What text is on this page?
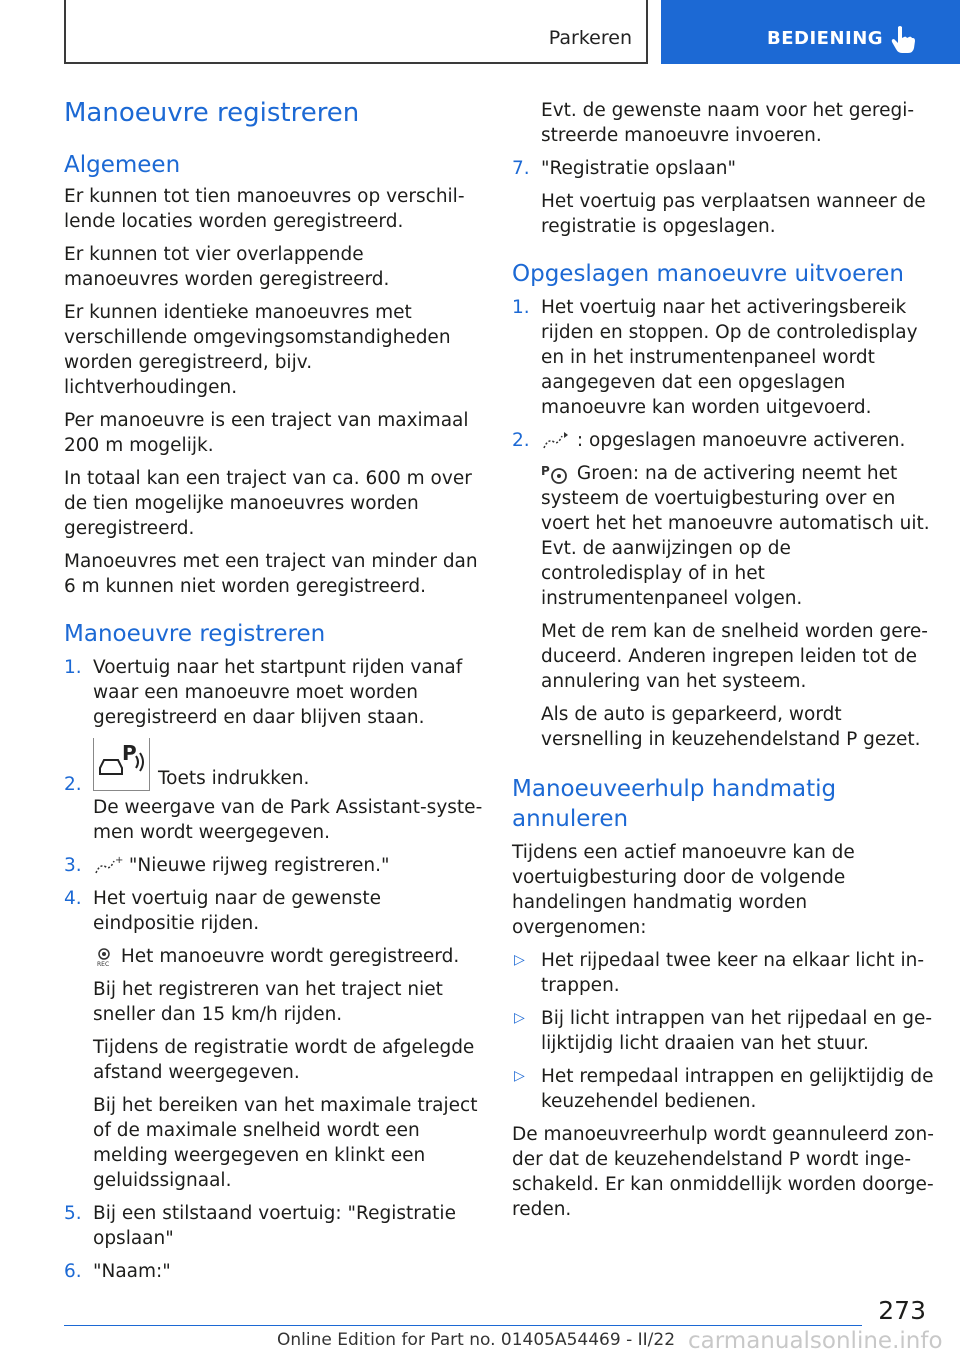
Parkeren	BEDIENING
Manoeuvre registreren
Algemeen

Er kunnen tot tien manoeuvres op verschillende locaties worden geregistreerd.

Er kunnen tot vier overlappende manoeuvres worden geregistreerd.

Er kunnen identieke manoeuvres met verschillende omgevingsomstandigheden worden geregistreerd, bijv. lichtverhoudingen.

Per manoeuvre is een traject van maximaal 200 m mogelijk.

In totaal kan een traject van ca. 600 m over de tien mogelijke manoeuvres worden geregistreerd.

Manoeuvres met een traject van minder dan 6 m kunnen niet worden geregistreerd.

Manoeuvre registreren
1. Voertuig naar het startpunt rijden vanaf waar een manoeuvre moet worden geregistreerd en daar blijven staan.

2.

P
Toets indrukken.

De weergave van de Park Assistant-systemen wordt weergegeven.

3.	+ "Nieuwe rijweg registreren."

4. Het voertuig naar de gewenste eindpositie rijden.

REC Het manoeuvre wordt geregistreerd.

Bij het registreren van het traject niet sneller dan 15 km/h rijden.

Tijdens de registratie wordt de afgelegde afstand weergegeven.

Bij het bereiken van het maximale traject of de maximale snelheid wordt een melding weergegeven en klinkt een geluidssignaal.

5. Bij een stilstaand voertuig: "Registratie opslaan"

6. "Naam:"

Evt. de gewenste naam voor het geregistreerde manoeuvre invoeren.

7. "Registratie opslaan"

Het voertuig pas verplaatsen wanneer de registratie is opgeslagen.

Opgeslagen manoeuvre uitvoeren
1. Het voertuig naar het activeringsbereik rijden en stoppen. Op de controledisplay en in het instrumentenpaneel wordt aangegeven dat een opgeslagen manoeuvre kan worden uitgevoerd.

2.	: opgeslagen manoeuvre activeren.

P Groen: na de activering neemt het systeem de voertuigbesturing over en voert het het manoeuvre automatisch uit. Evt. de aanwijzingen op de controledisplay of in het instrumentenpaneel volgen.

Met de rem kan de snelheid worden gereduceerd. Anderen ingrepen leiden tot de annulering van het systeem.

Als de auto is geparkeerd, wordt versnelling in keuzehendelstand P gezet.

Manoeuveerhulp handmatig
annuleren

Tijdens een actief manoeuvre kan de voertuigbesturing door de volgende handelingen handmatig worden overgenomen:

▷ Het rijpedaal twee keer na elkaar licht intrappen.

▷ Bij licht intrappen van het rijpedaal en gelijktijdig licht draaien van het stuur.

▷ Het rempedaal intrappen en gelijktijdig de keuzehendel bedienen.

De manoeuvreerhulp wordt geannuleerd zonder dat de keuzehendelstand P wordt ingeschakeld. Er kan onmiddellijk worden doorgereden.

273
Online Edition for Part no. 01405A54469 - II/22 carmanualsonline.info
